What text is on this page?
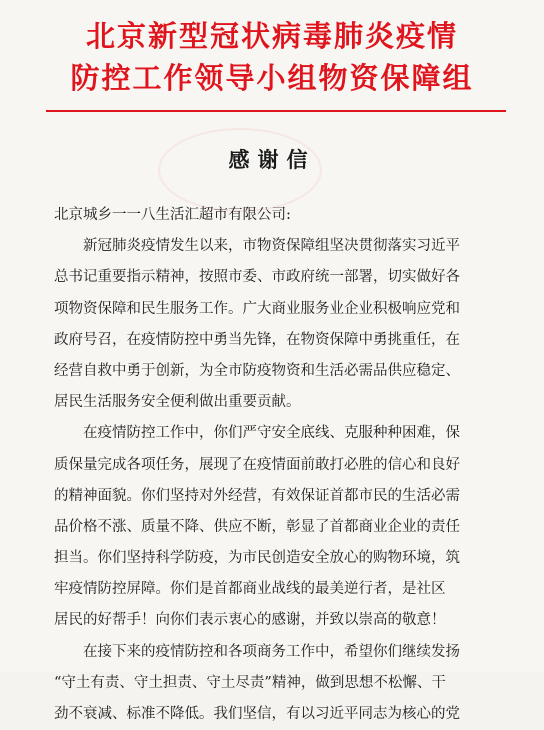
北京新型冠状病毒肺炎疫情
防控工作领导小组物资保障组
感谢信
北京城乡一一八生活汇超市有限公司:
新冠肺炎疫情发生以来，市物资保障组坚决贯彻落实习近平
总书记重要指示精神，按照市委、市政府统一部署，切实做好各
项物资保障和民生服务工作。广大商业服务业企业积极响应党和
政府号召，在疫情防控中勇当先锋，在物资保障中勇挑重任，在
经营自救中勇于创新，为全市防疫物资和生活必需品供应稳定、
居民生活服务安全便利做出重要贡献。
在疫情防控工作中，你们严守安全底线、克服种种困难，保
质保量完成各项任务，展现了在疫情面前敢打必胜的信心和良好
的精神面貌。你们坚持对外经营，有效保证首都市民的生活必需
品价格不涨、质量不降、供应不断，彰显了首都商业企业的责任
担当。你们坚持科学防疫，为市民创造安全放心的购物环境，筑
牢疫情防控屏障。你们是首都商业战线的最美逆行者，是社区
居民的好帮手！向你们表示衷心的感谢，并致以崇高的敬意！
在接下来的疫情防控和各项商务工作中，希望你们继续发扬
“守土有责、守土担责、守土尽责”精神，做到思想不松懈、干
劲不衰减、标准不降低。我们坚信，有以习近平同志为核心的党
